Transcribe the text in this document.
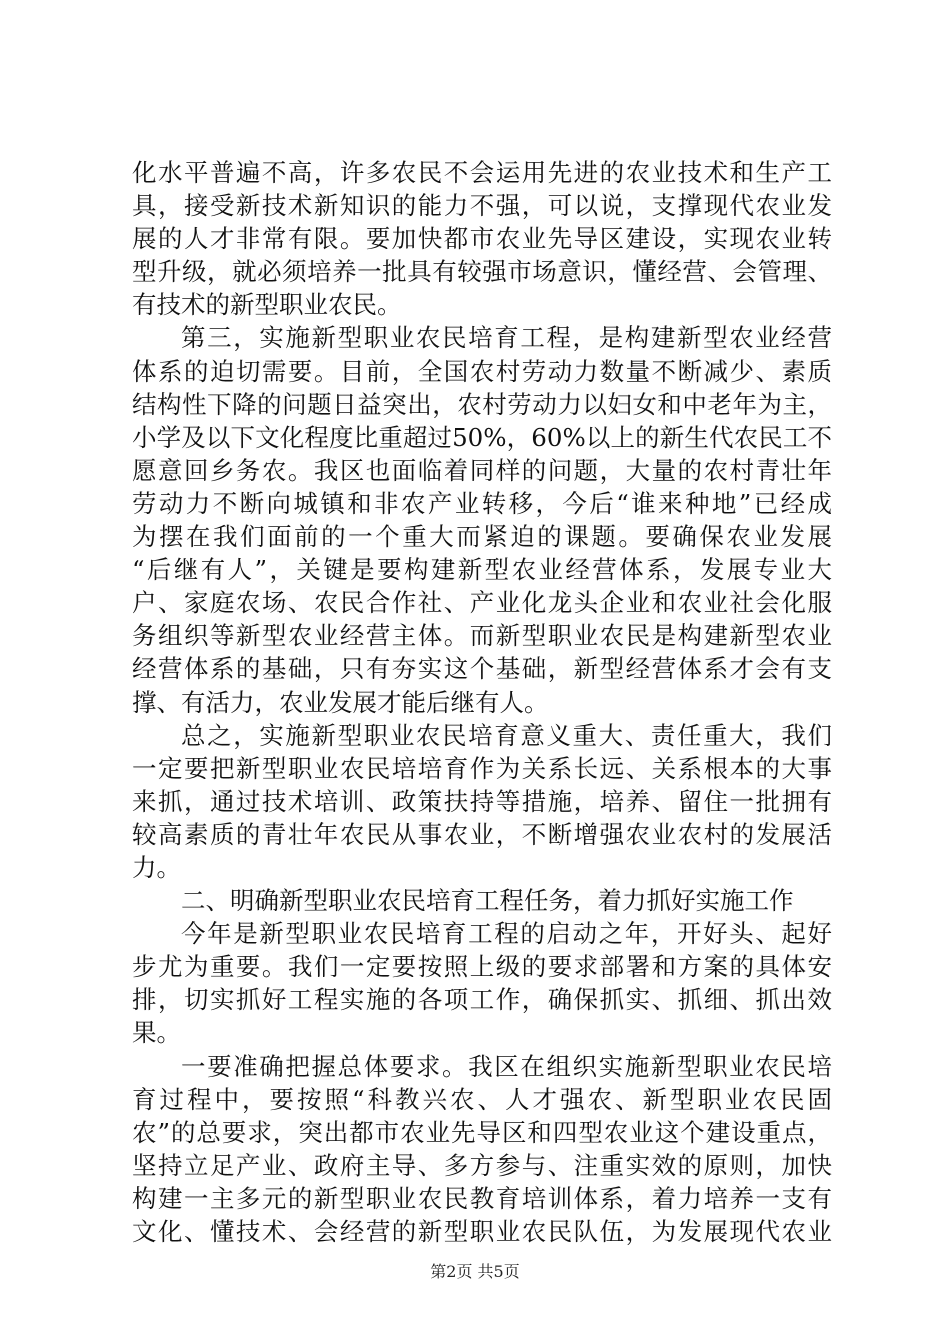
化水平普遍不高，许多农民不会运用先进的农业技术和生产工
具，接受新技术新知识的能力不强，可以说，支撑现代农业发
展的人才非常有限。要加快都市农业先导区建设，实现农业转
型升级，就必须培养一批具有较强市场意识，懂经营、会管理、
有技术的新型职业农民。
第三，实施新型职业农民培育工程，是构建新型农业经营
体系的迫切需要。目前，全国农村劳动力数量不断减少、素质
结构性下降的问题日益突出，农村劳动力以妇女和中老年为主，
小学及以下文化程度比重超过50%，60%以上的新生代农民工不
愿意回乡务农。我区也面临着同样的问题，大量的农村青壮年
劳动力不断向城镇和非农产业转移，今后“谁来种地”已经成
为摆在我们面前的一个重大而紧迫的课题。要确保农业发展
“后继有人”，关键是要构建新型农业经营体系，发展专业大
户、家庭农场、农民合作社、产业化龙头企业和农业社会化服
务组织等新型农业经营主体。而新型职业农民是构建新型农业
经营体系的基础，只有夯实这个基础，新型经营体系才会有支
撑、有活力，农业发展才能后继有人。
总之，实施新型职业农民培育意义重大、责任重大，我们
一定要把新型职业农民培培育作为关系长远、关系根本的大事
来抓，通过技术培训、政策扶持等措施，培养、留住一批拥有
较高素质的青壮年农民从事农业，不断增强农业农村的发展活
力。
二、明确新型职业农民培育工程任务，着力抓好实施工作
今年是新型职业农民培育工程的启动之年，开好头、起好
步尤为重要。我们一定要按照上级的要求部署和方案的具体安
排，切实抓好工程实施的各项工作，确保抓实、抓细、抓出效
果。
一要准确把握总体要求。我区在组织实施新型职业农民培
育过程中，要按照“科教兴农、人才强农、新型职业农民固
农”的总要求，突出都市农业先导区和四型农业这个建设重点，
坚持立足产业、政府主导、多方参与、注重实效的原则，加快
构建一主多元的新型职业农民教育培训体系，着力培养一支有
文化、懂技术、会经营的新型职业农民队伍，为发展现代农业
第2页 共5页
